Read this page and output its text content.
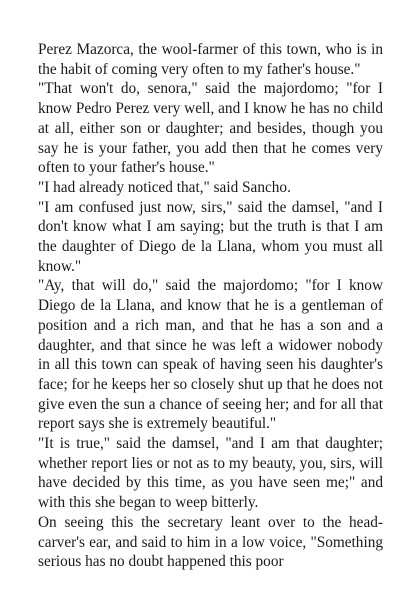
Perez Mazorca, the wool-farmer of this town, who is in the habit of coming very often to my father's house."

"That won't do, senora," said the majordomo; "for I know Pedro Perez very well, and I know he has no child at all, either son or daughter; and besides, though you say he is your father, you add then that he comes very often to your father's house."

"I had already noticed that," said Sancho.

"I am confused just now, sirs," said the damsel, "and I don't know what I am saying; but the truth is that I am the daughter of Diego de la Llana, whom you must all know."

"Ay, that will do," said the majordomo; "for I know Diego de la Llana, and know that he is a gentleman of position and a rich man, and that he has a son and a daughter, and that since he was left a widower nobody in all this town can speak of having seen his daughter's face; for he keeps her so closely shut up that he does not give even the sun a chance of seeing her; and for all that report says she is extremely beautiful."

"It is true," said the damsel, "and I am that daughter; whether report lies or not as to my beauty, you, sirs, will have decided by this time, as you have seen me;" and with this she began to weep bitterly.

On seeing this the secretary leant over to the head-carver's ear, and said to him in a low voice, "Something serious has no doubt happened this poor
